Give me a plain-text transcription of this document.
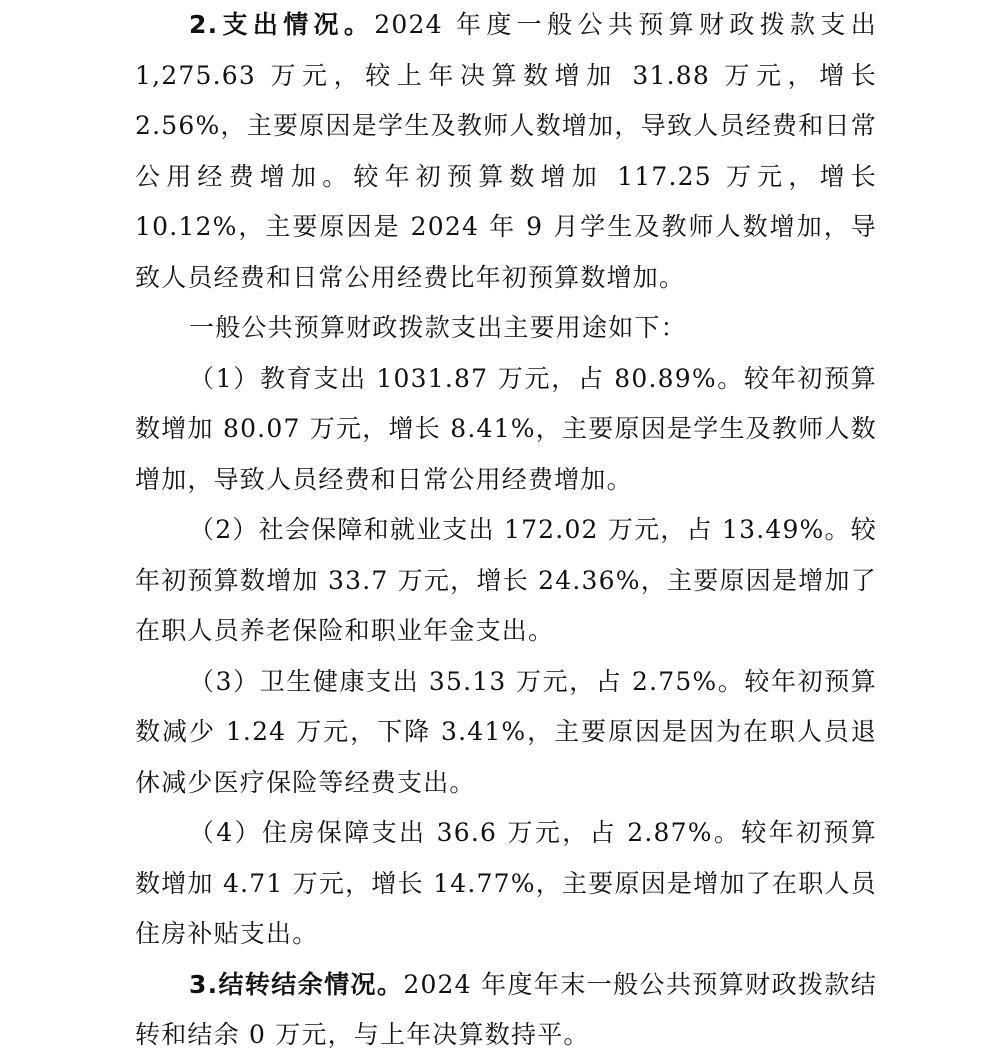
2.支出情况。2024 年度一般公共预算财政拨款支出 1,275.63 万元，较上年决算数增加 31.88 万元，增长 2.56%，主要原因是学生及教师人数增加，导致人员经费和日常公用经费增加。较年初预算数增加 117.25 万元，增长 10.12%，主要原因是 2024 年 9 月学生及教师人数增加，导致人员经费和日常公用经费比年初预算数增加。

一般公共预算财政拨款支出主要用途如下：

（1）教育支出 1031.87 万元，占 80.89%。较年初预算数增加 80.07 万元，增长 8.41%，主要原因是学生及教师人数增加，导致人员经费和日常公用经费增加。

（2）社会保障和就业支出 172.02 万元，占 13.49%。较年初预算数增加 33.7 万元，增长 24.36%，主要原因是增加了在职人员养老保险和职业年金支出。

（3）卫生健康支出 35.13 万元，占 2.75%。较年初预算数减少 1.24 万元，下降 3.41%，主要原因是因为在职人员退休减少医疗保险等经费支出。

（4）住房保障支出 36.6 万元，占 2.87%。较年初预算数增加 4.71 万元，增长 14.77%，主要原因是增加了在职人员住房补贴支出。

3.结转结余情况。2024 年度年末一般公共预算财政拨款结转和结余 0 万元，与上年决算数持平。
